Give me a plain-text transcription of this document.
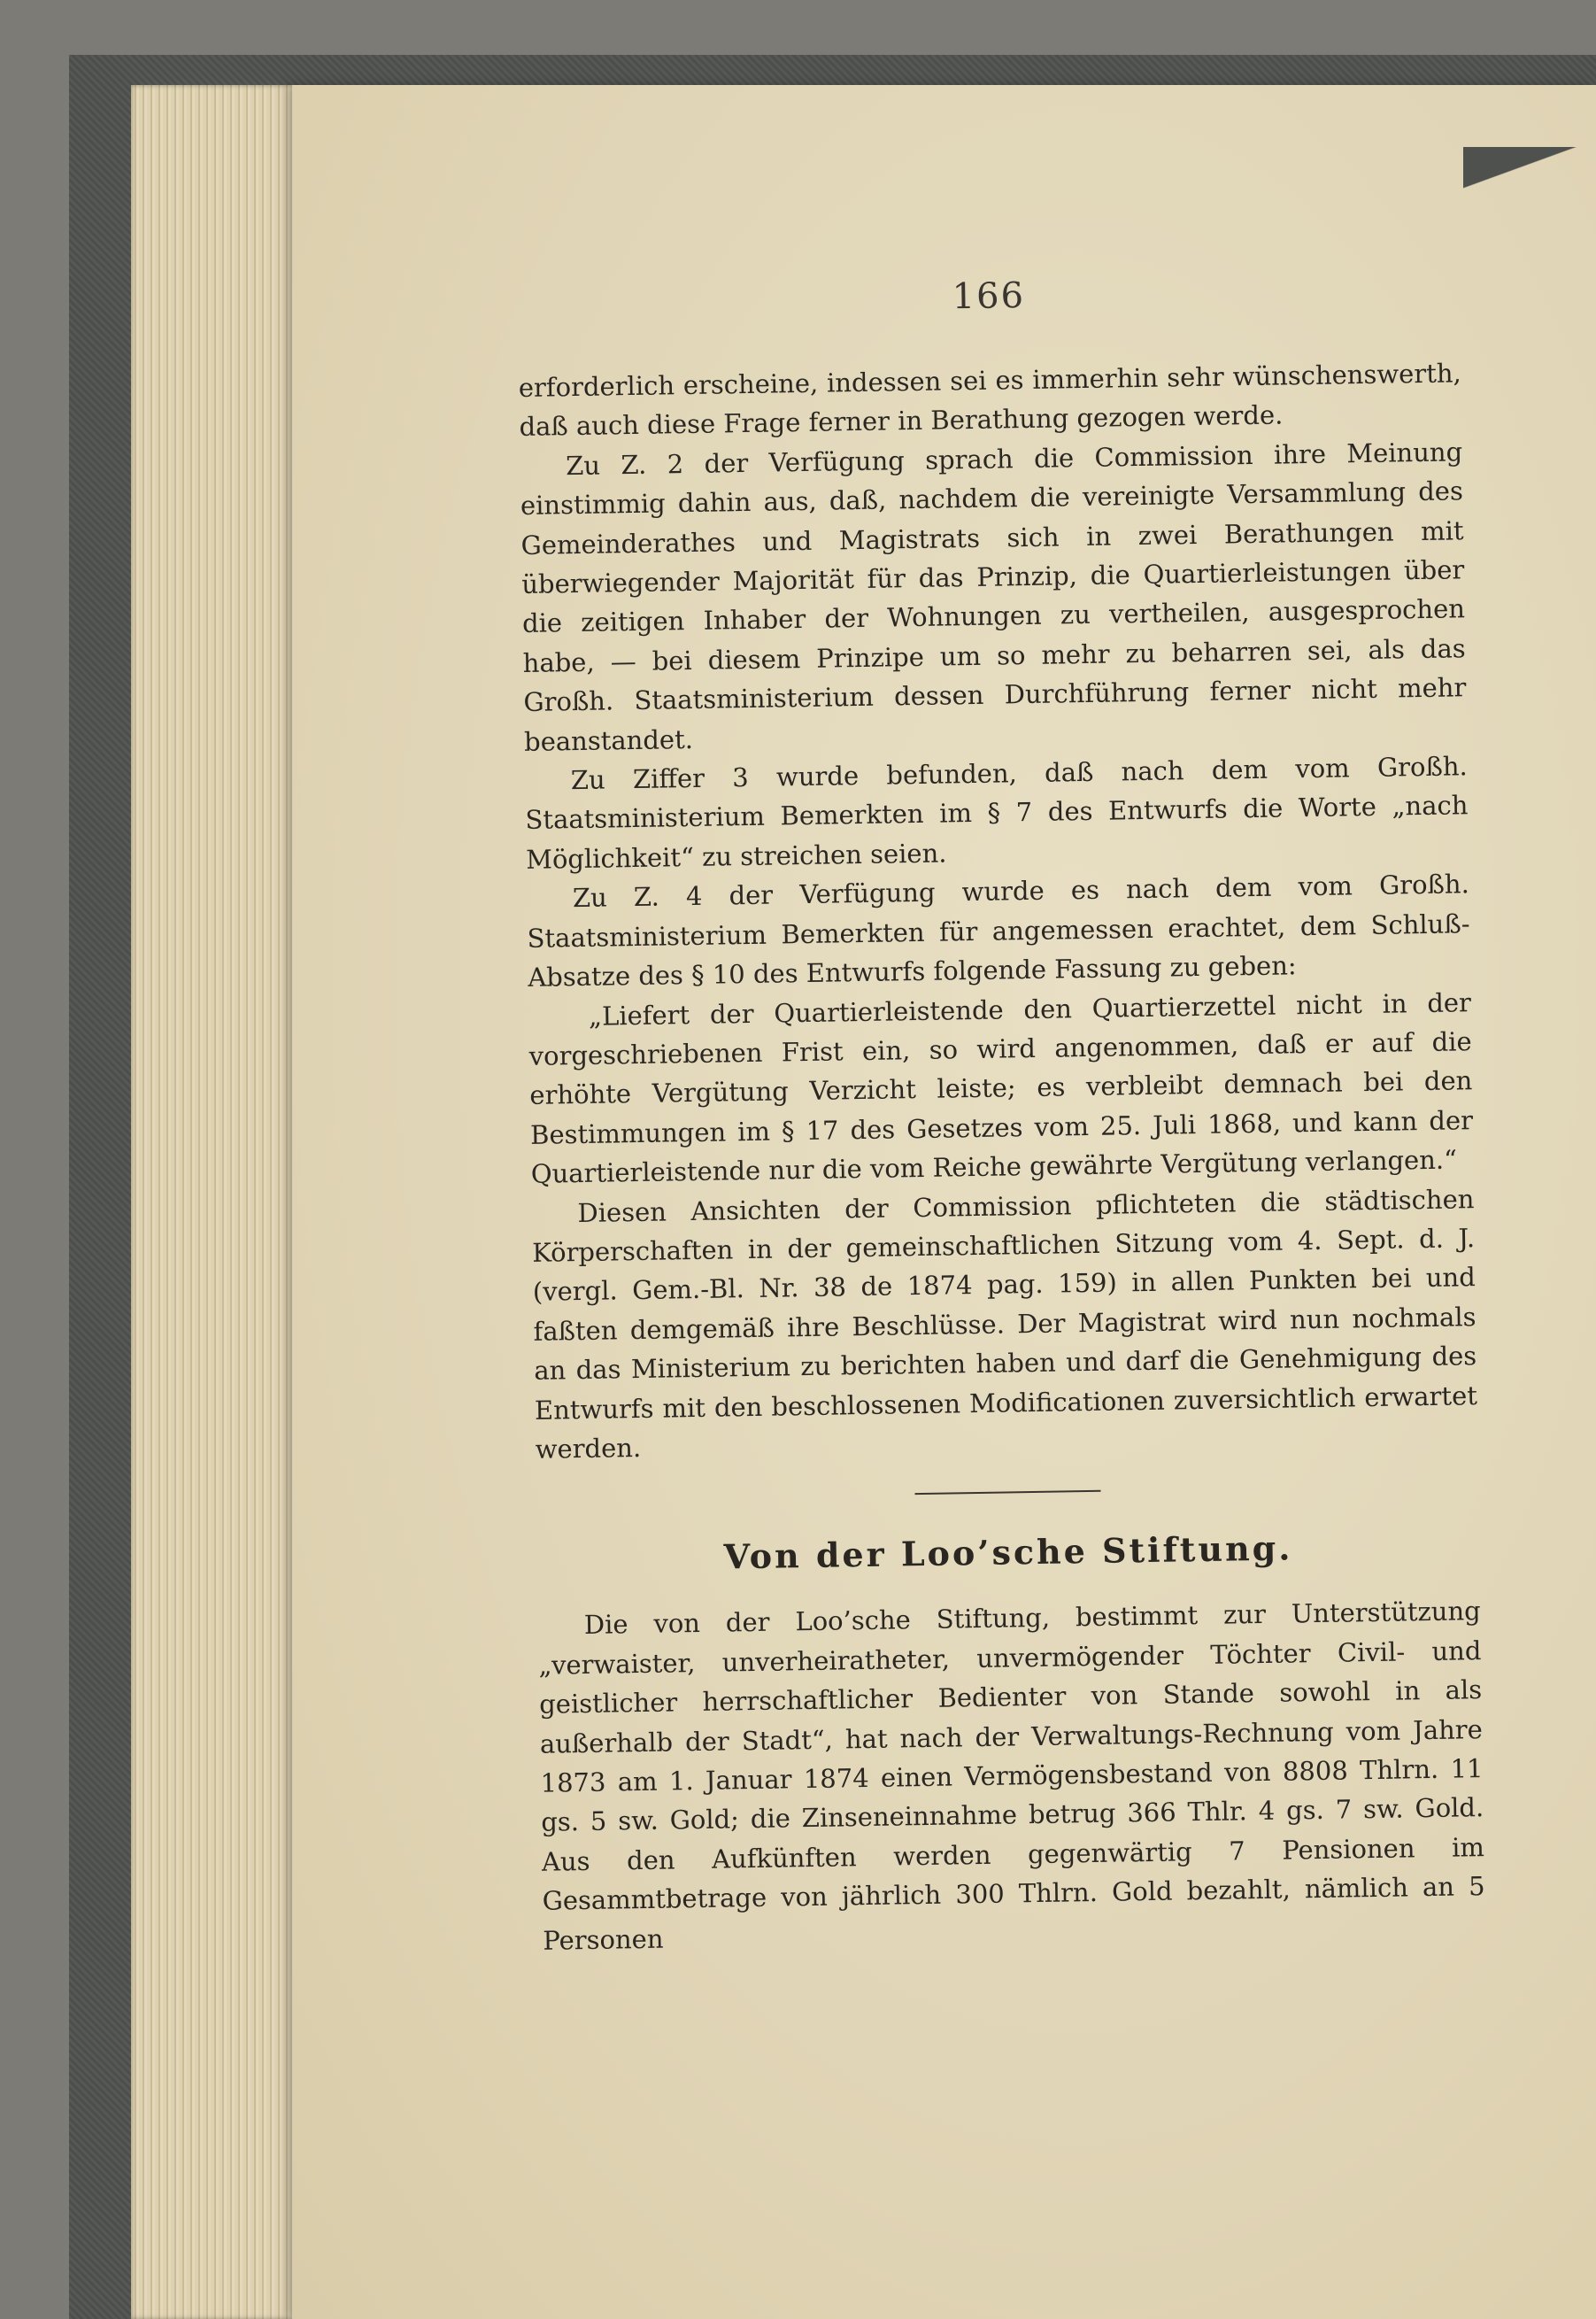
166

erforderlich erscheine, indessen sei es immerhin sehr wünschenswerth, daß auch diese Frage ferner in Berathung gezogen werde.

Zu Z. 2 der Verfügung sprach die Commission ihre Meinung einstimmig dahin aus, daß, nachdem die vereinigte Versammlung des Gemeinderathes und Magistrats sich in zwei Berathungen mit überwiegender Majorität für das Prinzip, die Quartierleistungen über die zeitigen Inhaber der Wohnungen zu vertheilen, ausgesprochen habe, — bei diesem Prinzipe um so mehr zu beharren sei, als das Großh. Staatsministerium dessen Durchführung ferner nicht mehr beanstandet.

Zu Ziffer 3 wurde befunden, daß nach dem vom Großh. Staatsministerium Bemerkten im § 7 des Entwurfs die Worte „nach Möglichkeit“ zu streichen seien.

Zu Z. 4 der Verfügung wurde es nach dem vom Großh. Staatsministerium Bemerkten für angemessen erachtet, dem Schluß-Absatze des § 10 des Entwurfs folgende Fassung zu geben:

„Liefert der Quartierleistende den Quartierzettel nicht in der vorgeschriebenen Frist ein, so wird angenommen, daß er auf die erhöhte Vergütung Verzicht leiste; es verbleibt demnach bei den Bestimmungen im § 17 des Gesetzes vom 25. Juli 1868, und kann der Quartierleistende nur die vom Reiche gewährte Vergütung verlangen.“

Diesen Ansichten der Commission pflichteten die städtischen Körperschaften in der gemeinschaftlichen Sitzung vom 4. Sept. d. J. (vergl. Gem.-Bl. Nr. 38 de 1874 pag. 159) in allen Punkten bei und faßten demgemäß ihre Beschlüsse. Der Magistrat wird nun nochmals an das Ministerium zu berichten haben und darf die Genehmigung des Entwurfs mit den beschlossenen Modificationen zuversichtlich erwartet werden.

Von der Loo’sche Stiftung.

Die von der Loo’sche Stiftung, bestimmt zur Unterstützung „verwaister, unverheiratheter, unvermögender Töchter Civil- und geistlicher herrschaftlicher Bedienter von Stande sowohl in als außerhalb der Stadt“, hat nach der Verwaltungs-Rechnung vom Jahre 1873 am 1. Januar 1874 einen Vermögensbestand von 8808 Thlrn. 11 gs. 5 sw. Gold; die Zinseneinnahme betrug 366 Thlr. 4 gs. 7 sw. Gold. Aus den Aufkünften werden gegenwärtig 7 Pensionen im Gesammtbetrage von jährlich 300 Thlrn. Gold bezahlt, nämlich an 5 Personen
